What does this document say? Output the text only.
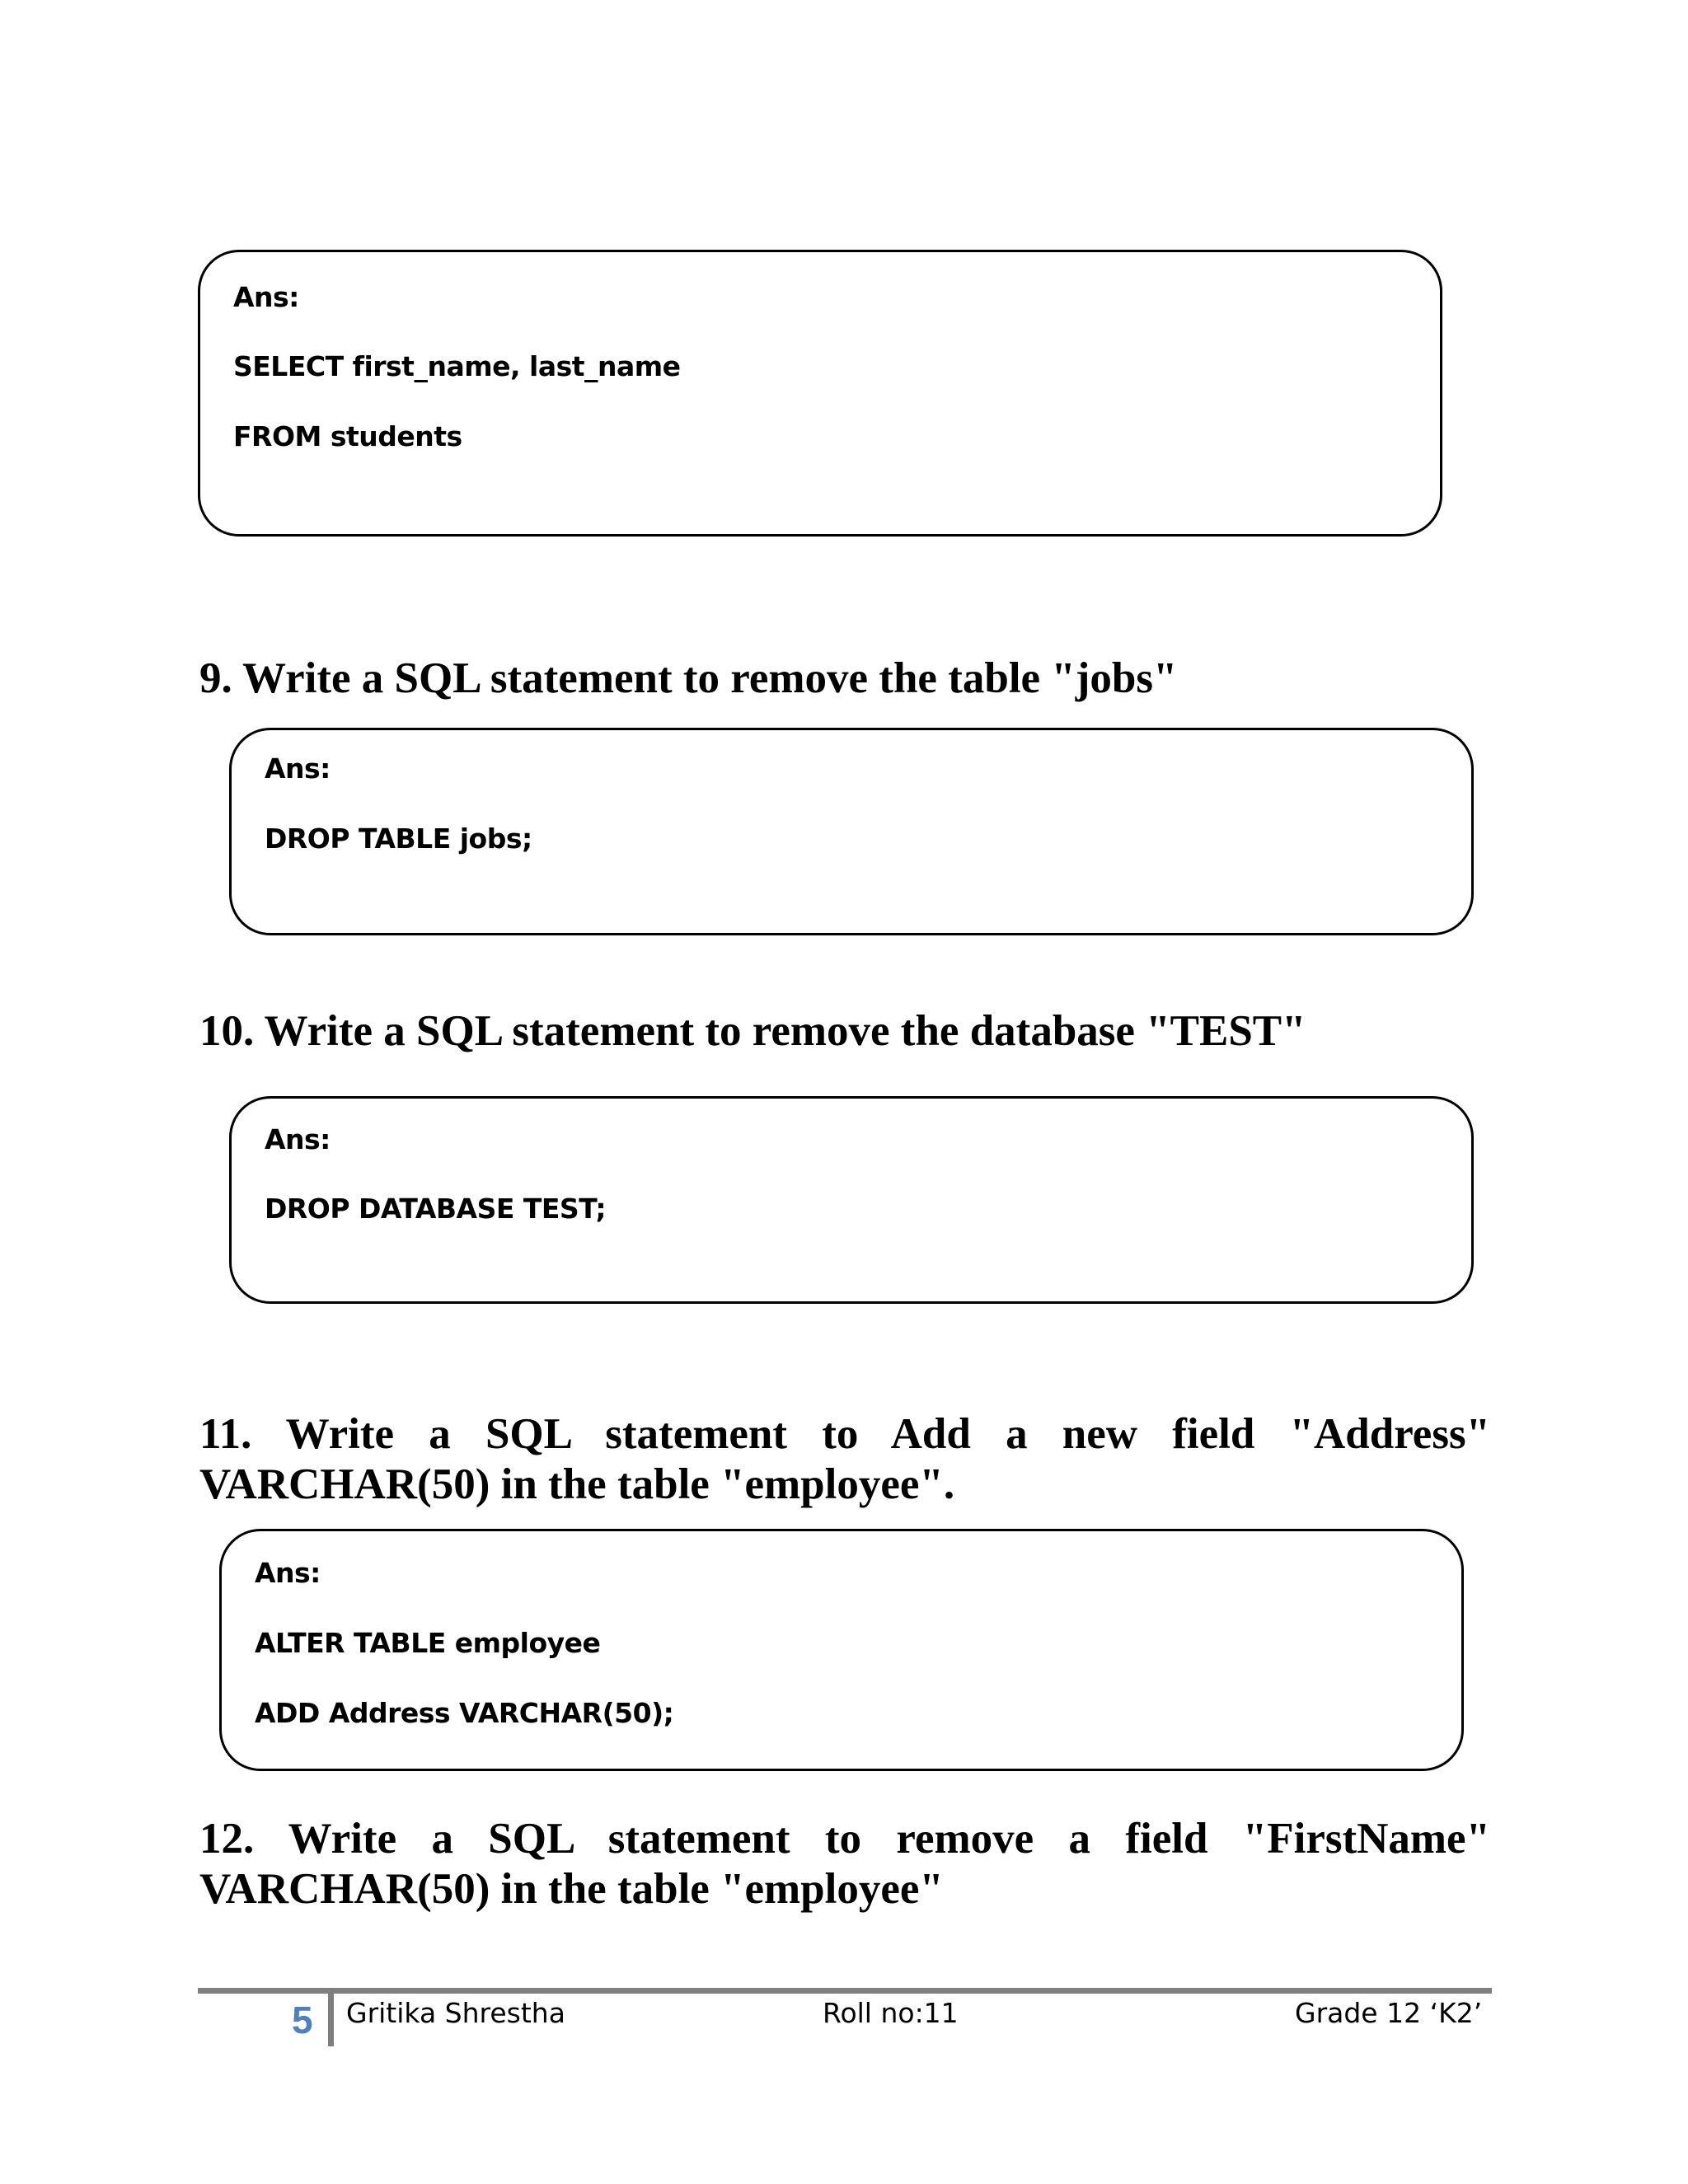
Ans:
SELECT first_name, last_name
FROM students
9. Write a SQL statement to remove the table "jobs"
Ans:
DROP TABLE jobs;
10. Write a SQL statement to remove the database "TEST"
Ans:
DROP DATABASE TEST;
11. Write a SQL statement to Add a new field "Address" VARCHAR(50) in the table "employee".
Ans:
ALTER TABLE employee
ADD Address VARCHAR(50);
12. Write a SQL statement to remove a field "FirstName" VARCHAR(50) in the table "employee"
5 Gritika Shrestha	Roll no:11	Grade 12 ‘K2’
